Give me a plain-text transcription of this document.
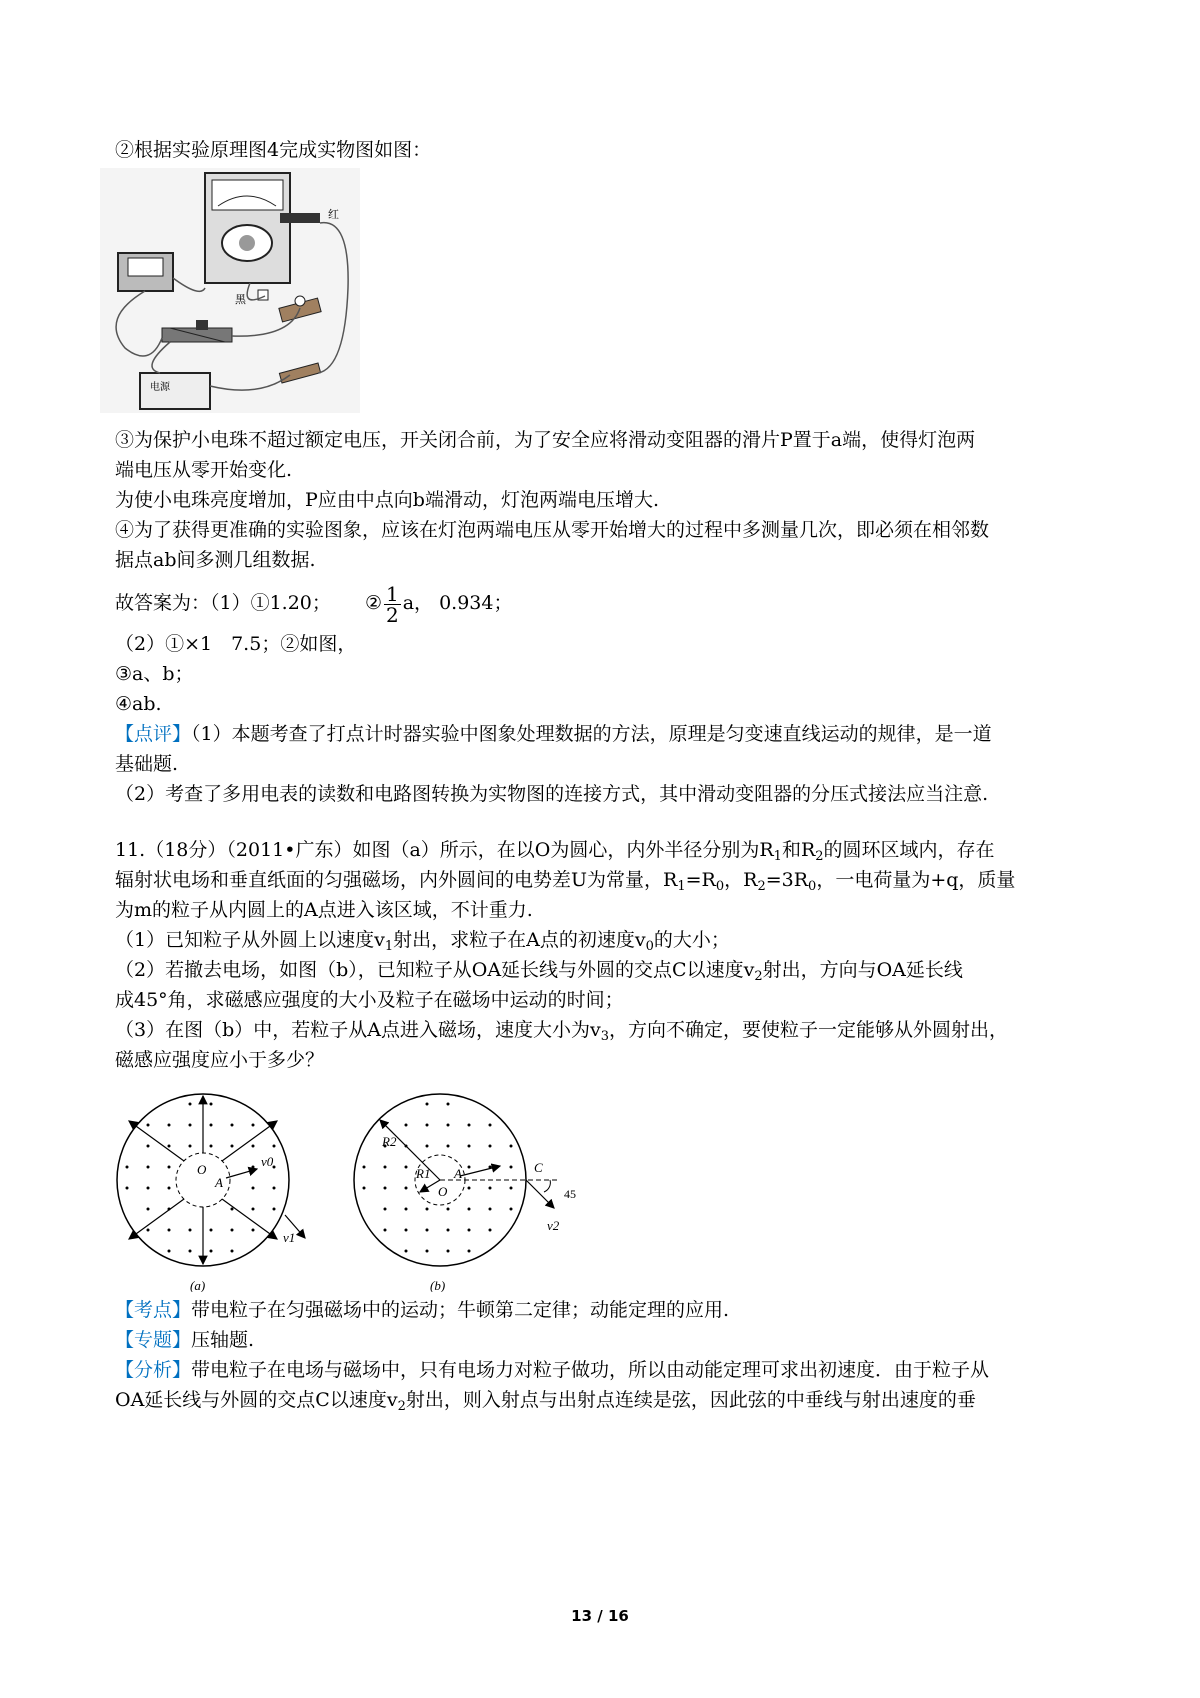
②根据实验原理图4完成实物图如图：
红
黑
电源
③为保护小电珠不超过额定电压，开关闭合前，为了安全应将滑动变阻器的滑片P置于a端，使得灯泡两
端电压从零开始变化.
为使小电珠亮度增加，P应由中点向b端滑动，灯泡两端电压增大.
④为了获得更准确的实验图象，应该在灯泡两端电压从零开始增大的过程中多测量几次，即必须在相邻数
据点ab间多测几组数据.
故答案为：（1）①1.20； ② $\frac{1}{2}$ a， 0.934；
（2）①×1　7.5；②如图，
③a、b；
④ab.
【点评】（1）本题考查了打点计时器实验中图象处理数据的方法，原理是匀变速直线运动的规律，是一道
基础题.
（2）考查了多用电表的读数和电路图转换为实物图的连接方式，其中滑动变阻器的分压式接法应当注意.
11.（18分）（2011•广东）如图（a）所示，在以O为圆心，内外半径分别为$R_1$和$R_2$的圆环区域内，存在
辐射状电场和垂直纸面的匀强磁场，内外圆间的电势差U为常量，$R_1=R_0$，$R_2=3R_0$，一电荷量为+q，质量
为m的粒子从内圆上的A点进入该区域，不计重力.
（1）已知粒子从外圆上以速度$v_1$射出，求粒子在A点的初速度$v_0$的大小；
（2）若撤去电场，如图（b），已知粒子从OA延长线与外圆的交点C以速度$v_2$射出，方向与OA延长线
成45°角，求磁感应强度的大小及粒子在磁场中运动的时间；
（3）在图（b）中，若粒子从A点进入磁场，速度大小为$v_3$，方向不确定，要使粒子一定能够从外圆射出，
磁感应强度应小于多少？
O
A
v0
v1
(a)
R2
R1 A
O
C
45
v2
(b)
【考点】带电粒子在匀强磁场中的运动；牛顿第二定律；动能定理的应用.
【专题】压轴题.
【分析】带电粒子在电场与磁场中，只有电场力对粒子做功，所以由动能定理可求出初速度．由于粒子从
OA延长线与外圆的交点C以速度$v_2$射出，则入射点与出射点连续是弦，因此弦的中垂线与射出速度的垂
13 / 16
